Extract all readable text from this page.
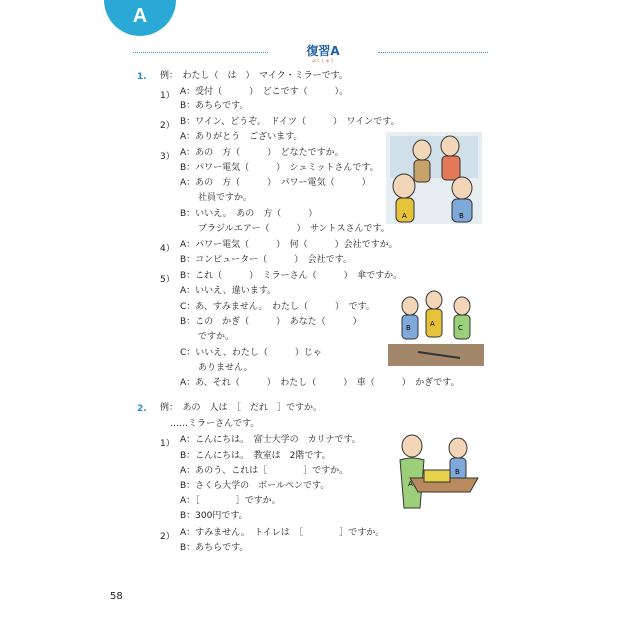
A
復習A
ふくしゅう
1. 例：　わたし（　は　）　マイク・ミラーです。
1） A：受付（　　　）　どこです（　　　）。
B：あちらです。
2） B：ワイン、どうぞ。　ドイツ（　　　）　ワインです。
A：ありがとう　ございます。
3） A：あの　方（　　　）　どなたですか。
B：パワー電気（　　　）　シュミットさんです。
A：あの　方（　　　）　パワー電気（　　　）
　　社員ですか。
B：いいえ。　あの　方（　　　）
　　ブラジルエアー（　　　）　サントスさんです。
4） A：パワー電気（　　　）　何（　　　）会社ですか。
B：コンピューター（　　　）　会社です。
5） B：これ（　　　）　ミラーさん（　　　）　傘ですか。
A：いいえ、違います。
C：あ、すみません。　わたし（　　　）　です。
B：この　かぎ（　　　）　あなた（　　　）
　　ですか。
C：いいえ、わたし（　　　）じゃ
　　ありません。
A：あ、それ（　　　）　わたし（　　　）　車（　　　）　かぎです。
2. 例：　あの　人は　［　だれ　］ですか。
……ミラーさんです。
1） A：こんにちは。　富士大学の　カリナです。
B：こんにちは。　教室は　2階です。
A：あのう、これは［　　　　］ですか。
B：さくら大学の　ボールペンです。
A：［　　　　］ですか。
B：300円です。
2） A：すみません。　トイレは　［　　　　］ですか。
B：あちらです。
A	B
B	A	C
A
B
58
